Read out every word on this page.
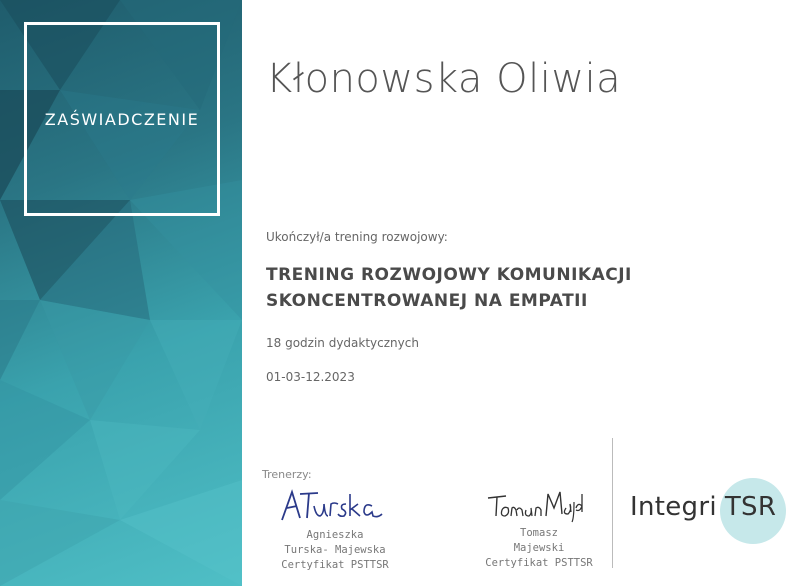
ZAŚWIADCZENIE
Kłonowska Oliwia
Ukończył/a trening rozwojowy:
TRENING ROZWOJOWY KOMUNIKACJI
SKONCENTROWANEJ NA EMPATII
18 godzin dydaktycznych
01-03-12.2023
Trenerzy:
Agnieszka
Turska- Majewska
Certyfikat PSTTSR
Tomasz
Majewski
Certyfikat PSTTSR
Integri TSR
